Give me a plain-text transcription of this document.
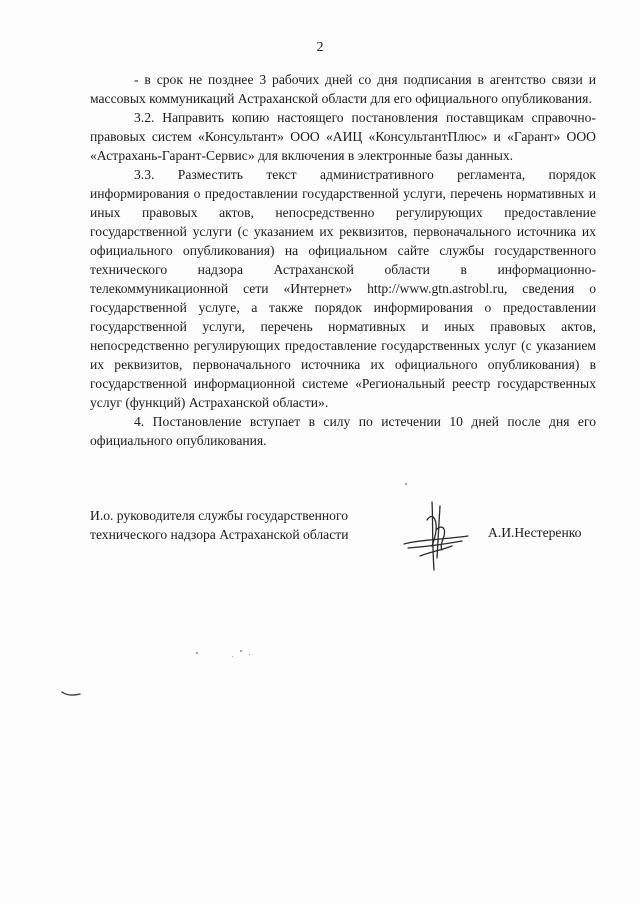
2

- в срок не позднее 3 рабочих дней со дня подписания в агентство связи и массовых коммуникаций Астраханской области для его официального опубликования.

3.2. Направить копию настоящего постановления поставщикам справочно-правовых систем «Консультант» ООО «АИЦ «КонсультантПлюс» и «Гарант» ООО «Астрахань-Гарант-Сервис» для включения в электронные базы данных.

3.3. Разместить текст административного регламента, порядок информирования о предоставлении государственной услуги, перечень нормативных и иных правовых актов, непосредственно регулирующих предоставление государственной услуги (с указанием их реквизитов, первоначального источника их официального опубликования) на официальном сайте службы государственного технического надзора Астраханской области в информационно-телекоммуникационной сети «Интернет» http://www.gtn.astrobl.ru, сведения о государственной услуге, а также порядок информирования о предоставлении государственной услуги, перечень нормативных и иных правовых актов, непосредственно регулирующих предоставление государственных услуг (с указанием их реквизитов, первоначального источника их официального опубликования) в государственной информационной системе «Региональный реестр государственных услуг (функций) Астраханской области».

4. Постановление вступает в силу по истечении 10 дней после дня его официального опубликования.

И.о. руководителя службы государственного
технического надзора Астраханской области	А.И.Нестеренко
